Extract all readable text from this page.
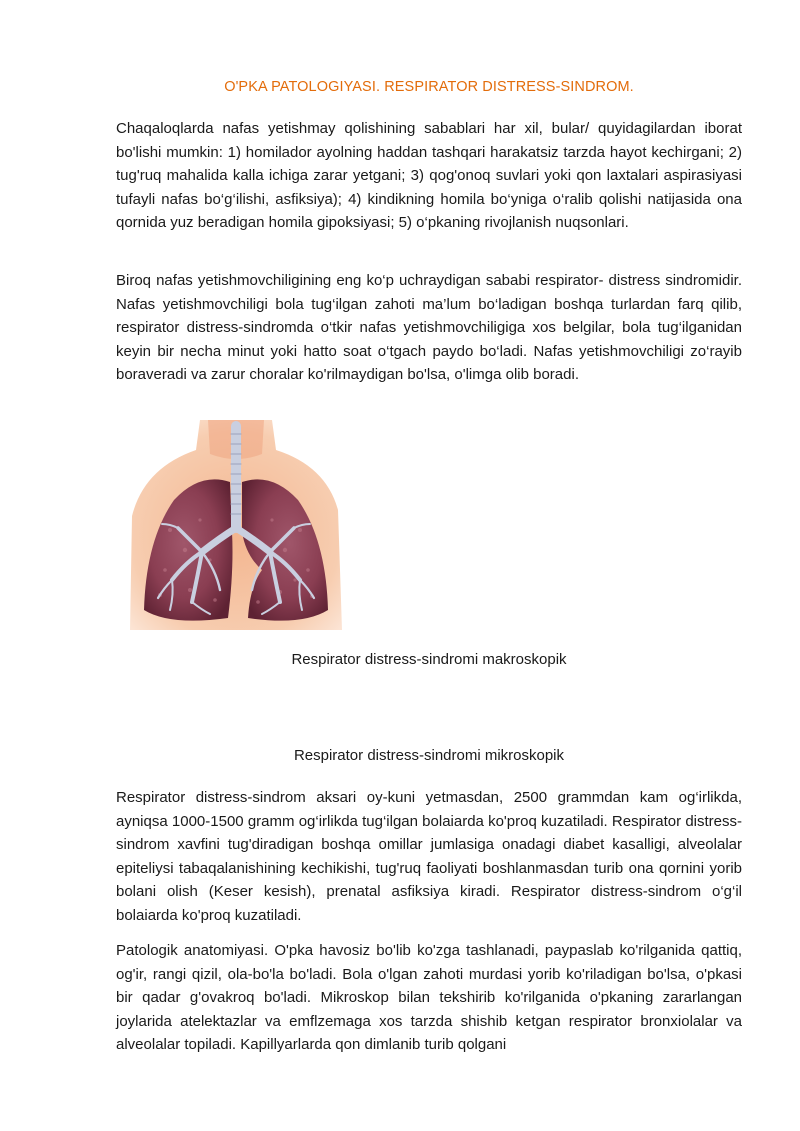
O'PKA PATOLOGIYASI. RESPIRATOR DISTRESS-SINDROM.

Chaqaloqlarda nafas yetishmay qolishining sabablari har xil, bular/ quyidagilardan iborat bo'lishi mumkin: 1) homilador ayolning haddan tashqari harakatsiz tarzda hayot kechirgani; 2) tug'ruq mahalida kalla ichiga zarar yetgani; 3) qog'onoq suvlari yoki qon laxtalari aspirasiyasi tufayli nafas bo‘g‘ilishi, asfiksiya); 4) kindikning homila bo‘yniga o‘ralib qolishi natijasida ona qornida yuz beradigan homila gipoksiyasi; 5) o‘pkaning rivojlanish nuqsonlari.

Biroq nafas yetishmovchiligining eng ko‘p uchraydigan sababi respirator- distress sindromidir. Nafas yetishmovchiligi bola tug‘ilgan zahoti ma’lum bo‘ladigan boshqa turlardan farq qilib, respirator distress-sindromda o‘tkir nafas yetishmovchiligiga xos belgilar, bola tug‘ilganidan keyin bir necha minut yoki hatto soat o‘tgach paydo bo‘ladi. Nafas yetishmovchiligi zo‘rayib boraveradi va zarur choralar ko'rilmaydigan bo'lsa, o'limga olib boradi.

Respirator distress-sindromi makroskopik
Respirator distress-sindromi mikroskopik

Respirator distress-sindrom aksari oy-kuni yetmasdan, 2500 grammdan kam og‘irlikda, ayniqsa 1000-1500 gramm og‘irlikda tug‘ilgan bolaiarda ko'proq kuzatiladi. Respirator distress-sindrom xavfini tug'diradigan boshqa omillar jumlasiga onadagi diabet kasalligi, alveolalar epiteliysi tabaqalanishining kechikishi, tug'ruq faoliyati boshlanmasdan turib ona qornini yorib bolani olish (Keser kesish), prenatal asfiksiya kiradi. Respirator distress-sindrom o‘g‘il bolaiarda ko'proq kuzatiladi.

Patologik anatomiyasi. O'pka havosiz bo'lib ko'zga tashlanadi, paypaslab ko'rilganida qattiq, og'ir, rangi qizil, ola-bo'la bo'ladi. Bola o'lgan zahoti murdasi yorib ko'riladigan bo'lsa, o'pkasi bir qadar g'ovakroq bo'ladi. Mikroskop bilan tekshirib ko'rilganida o'pkaning zararlangan joylarida atelektazlar va emflzemaga xos tarzda shishib ketgan respirator bronxiolalar va alveolalar topiladi. Kapillyarlarda qon dimlanib turib qolgani
